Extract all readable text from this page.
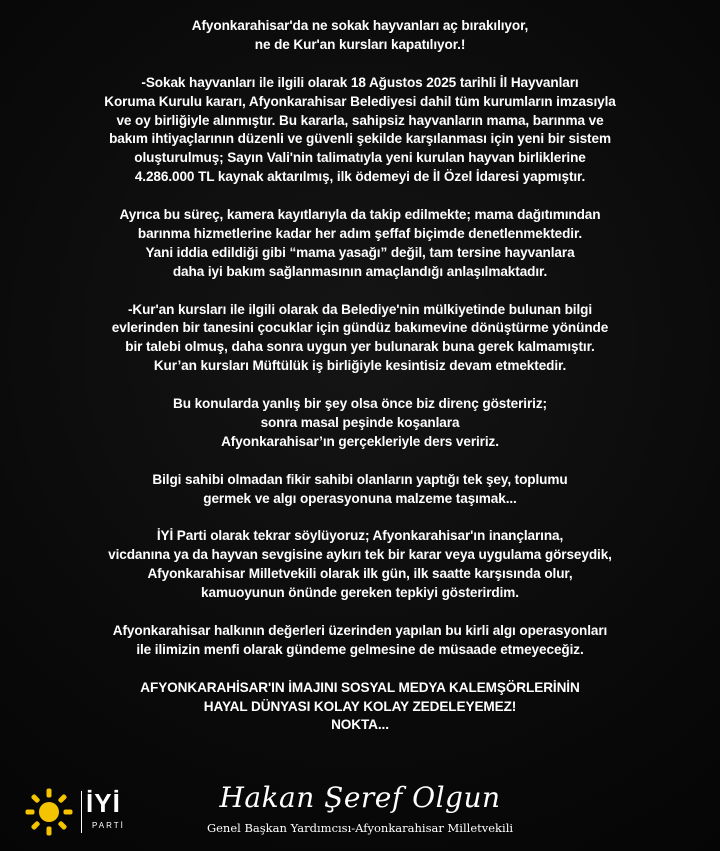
Afyonkarahisar'da ne sokak hayvanları aç bırakılıyor,
ne de Kur'an kursları kapatılıyor.!
-Sokak hayvanları ile ilgili olarak 18 Ağustos 2025 tarihli İl Hayvanları
Koruma Kurulu kararı, Afyonkarahisar Belediyesi dahil tüm kurumların imzasıyla
ve oy birliğiyle alınmıştır. Bu kararla, sahipsiz hayvanların mama, barınma ve
bakım ihtiyaçlarının düzenli ve güvenli şekilde karşılanması için yeni bir sistem
oluşturulmuş; Sayın Vali'nin talimatıyla yeni kurulan hayvan birliklerine
4.286.000 TL kaynak aktarılmış, ilk ödemeyi de İl Özel İdaresi yapmıştır.
Ayrıca bu süreç, kamera kayıtlarıyla da takip edilmekte; mama dağıtımından
barınma hizmetlerine kadar her adım şeffaf biçimde denetlenmektedir.
Yani iddia edildiği gibi “mama yasağı” değil, tam tersine hayvanlara
daha iyi bakım sağlanmasının amaçlandığı anlaşılmaktadır.
-Kur'an kursları ile ilgili olarak da Belediye'nin mülkiyetinde bulunan bilgi
evlerinden bir tanesini çocuklar için gündüz bakımevine dönüştürme yönünde
bir talebi olmuş, daha sonra uygun yer bulunarak buna gerek kalmamıştır.
Kur’an kursları Müftülük iş birliğiyle kesintisiz devam etmektedir.
Bu konularda yanlış bir şey olsa önce biz direnç gösteririz;
sonra masal peşinde koşanlara
Afyonkarahisar’ın gerçekleriyle ders veririz.
Bilgi sahibi olmadan fikir sahibi olanların yaptığı tek şey, toplumu
germek ve algı operasyonuna malzeme taşımak...
İYİ Parti olarak tekrar söylüyoruz; Afyonkarahisar'ın inançlarına,
vicdanına ya da hayvan sevgisine aykırı tek bir karar veya uygulama görseydik,
Afyonkarahisar Milletvekili olarak ilk gün, ilk saatte karşısında olur,
kamuoyunun önünde gereken tepkiyi gösterirdim.
Afyonkarahisar halkının değerleri üzerinden yapılan bu kirli algı operasyonları
ile ilimizin menfi olarak gündeme gelmesine de müsaade etmeyeceğiz.
AFYONKARAHİSAR'IN İMAJINI SOSYAL MEDYA KALEMŞÖRLERİNİN
HAYAL DÜNYASI KOLAY KOLAY ZEDELEYEMEZ!
NOKTA...
İYİ
PARTİ
Hakan Şeref Olgun
Genel Başkan Yardımcısı-Afyonkarahisar Milletvekili
